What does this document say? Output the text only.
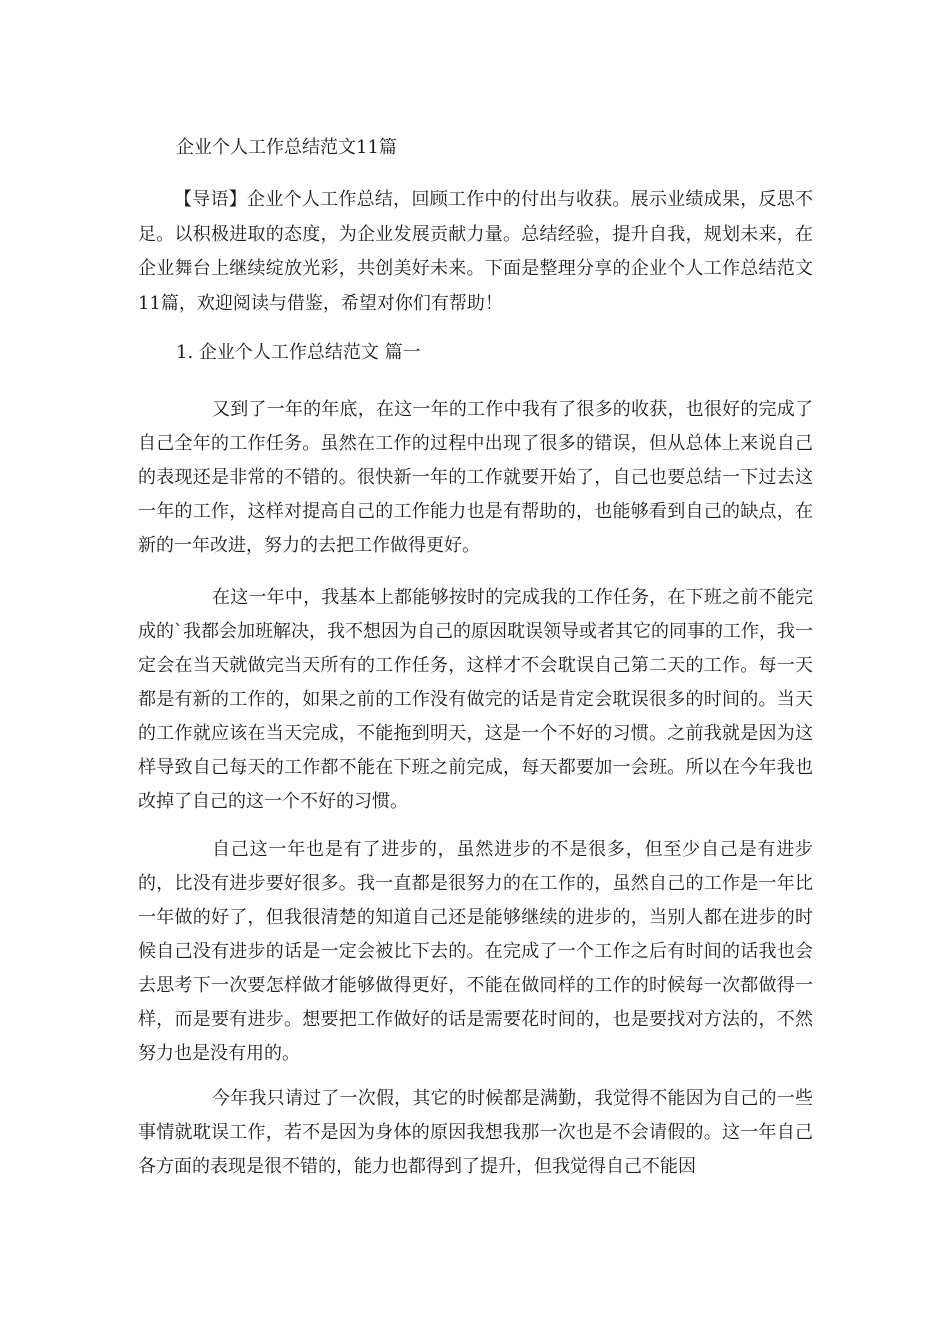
企业个人工作总结范文11篇

【导语】企业个人工作总结，回顾工作中的付出与收获。展示业绩成果，反思不足。以积极进取的态度，为企业发展贡献力量。总结经验，提升自我，规划未来，在企业舞台上继续绽放光彩，共创美好未来。下面是整理分享的企业个人工作总结范文11篇，欢迎阅读与借鉴，希望对你们有帮助！

1. 企业个人工作总结范文 篇一

又到了一年的年底，在这一年的工作中我有了很多的收获，也很好的完成了自己全年的工作任务。虽然在工作的过程中出现了很多的错误，但从总体上来说自己的表现还是非常的不错的。很快新一年的工作就要开始了，自己也要总结一下过去这一年的工作，这样对提高自己的工作能力也是有帮助的，也能够看到自己的缺点，在新的一年改进，努力的去把工作做得更好。

在这一年中，我基本上都能够按时的完成我的工作任务，在下班之前不能完成的`我都会加班解决，我不想因为自己的原因耽误领导或者其它的同事的工作，我一定会在当天就做完当天所有的工作任务，这样才不会耽误自己第二天的工作。每一天都是有新的工作的，如果之前的工作没有做完的话是肯定会耽误很多的时间的。当天的工作就应该在当天完成，不能拖到明天，这是一个不好的习惯。之前我就是因为这样导致自己每天的工作都不能在下班之前完成，每天都要加一会班。所以在今年我也改掉了自己的这一个不好的习惯。

自己这一年也是有了进步的，虽然进步的不是很多，但至少自己是有进步的，比没有进步要好很多。我一直都是很努力的在工作的，虽然自己的工作是一年比一年做的好了，但我很清楚的知道自己还是能够继续的进步的，当别人都在进步的时候自己没有进步的话是一定会被比下去的。在完成了一个工作之后有时间的话我也会去思考下一次要怎样做才能够做得更好，不能在做同样的工作的时候每一次都做得一样，而是要有进步。想要把工作做好的话是需要花时间的，也是要找对方法的，不然努力也是没有用的。

今年我只请过了一次假，其它的时候都是满勤，我觉得不能因为自己的一些事情就耽误工作，若不是因为身体的原因我想我那一次也是不会请假的。这一年自己各方面的表现是很不错的，能力也都得到了提升，但我觉得自己不能因
